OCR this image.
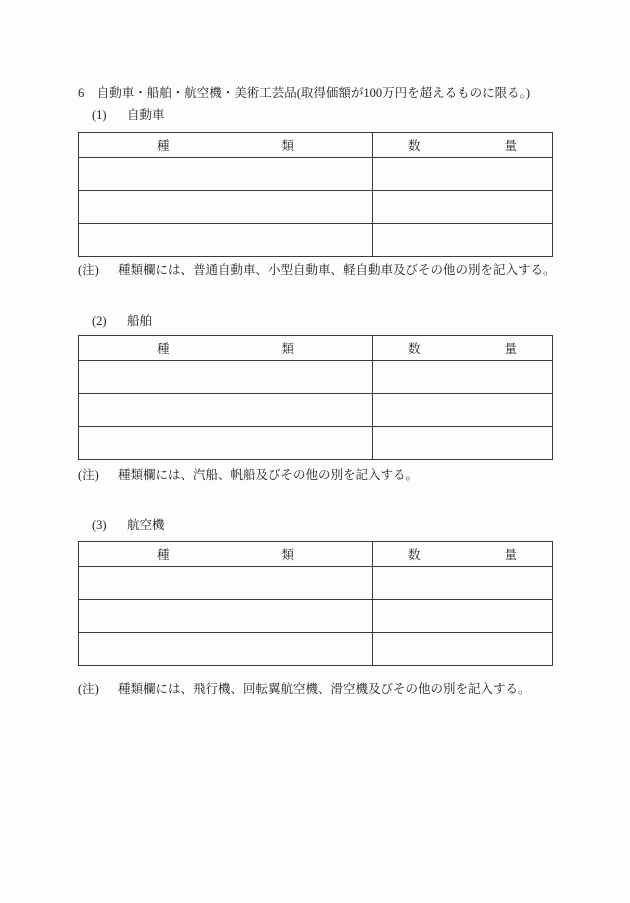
6　自動車・船舶・航空機・美術工芸品(取得価額が100万円を超えるものに限る。)
(1) 自動車
種 類	数 量

(注) 種類欄には、普通自動車、小型自動車、軽自動車及びその他の別を記入する。
(2) 船舶
種 類	数 量

(注) 種類欄には、汽船、帆船及びその他の別を記入する。
(3) 航空機
種 類	数 量

(注) 種類欄には、飛行機、回転翼航空機、滑空機及びその他の別を記入する。
